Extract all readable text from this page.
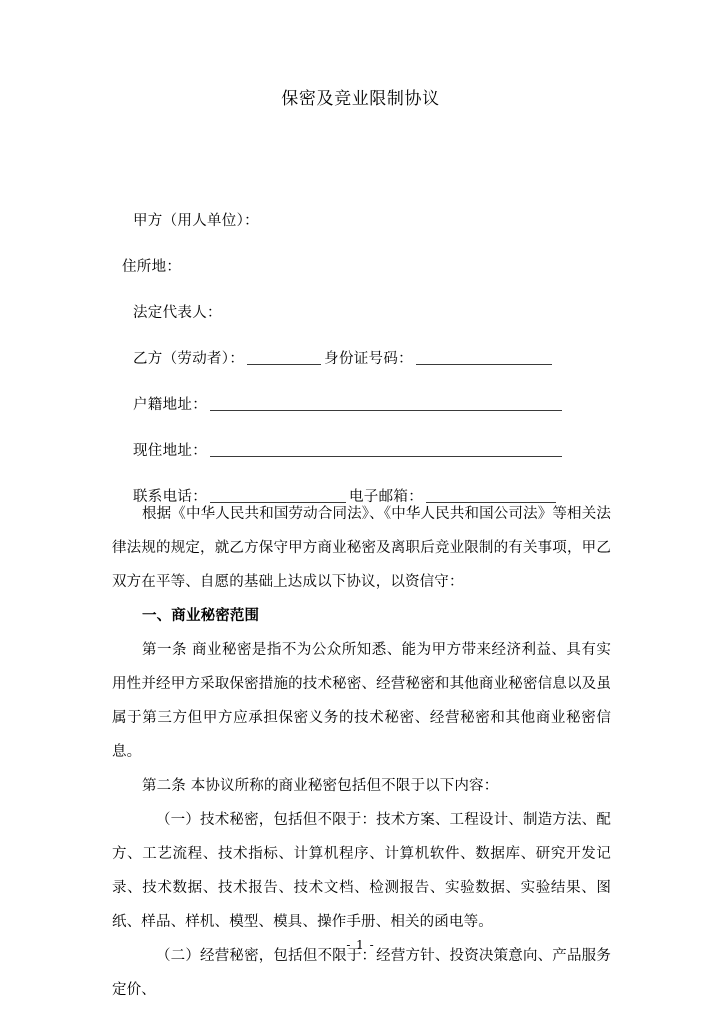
保密及竞业限制协议
甲方（用人单位）：
住所地：
法定代表人：
乙方（劳动者）：	身份证号码：
户籍地址：
现住地址：
联系电话：	电子邮箱：

根据《中华人民共和国劳动合同法》、《中华人民共和国公司法》等相关法律法规的规定，就乙方保守甲方商业秘密及离职后竞业限制的有关事项，甲乙双方在平等、自愿的基础上达成以下协议，以资信守：

一、商业秘密范围

第一条 商业秘密是指不为公众所知悉、能为甲方带来经济利益、具有实用性并经甲方采取保密措施的技术秘密、经营秘密和其他商业秘密信息以及虽属于第三方但甲方应承担保密义务的技术秘密、经营秘密和其他商业秘密信息。

第二条 本协议所称的商业秘密包括但不限于以下内容：

（一）技术秘密，包括但不限于：技术方案、工程设计、制造方法、配方、工艺流程、技术指标、计算机程序、计算机软件、数据库、研究开发记录、技术数据、技术报告、技术文档、检测报告、实验数据、实验结果、图纸、样品、样机、模型、模具、操作手册、相关的函电等。

（二）经营秘密，包括但不限于：经营方针、投资决策意向、产品服务定价、

- 1 -
